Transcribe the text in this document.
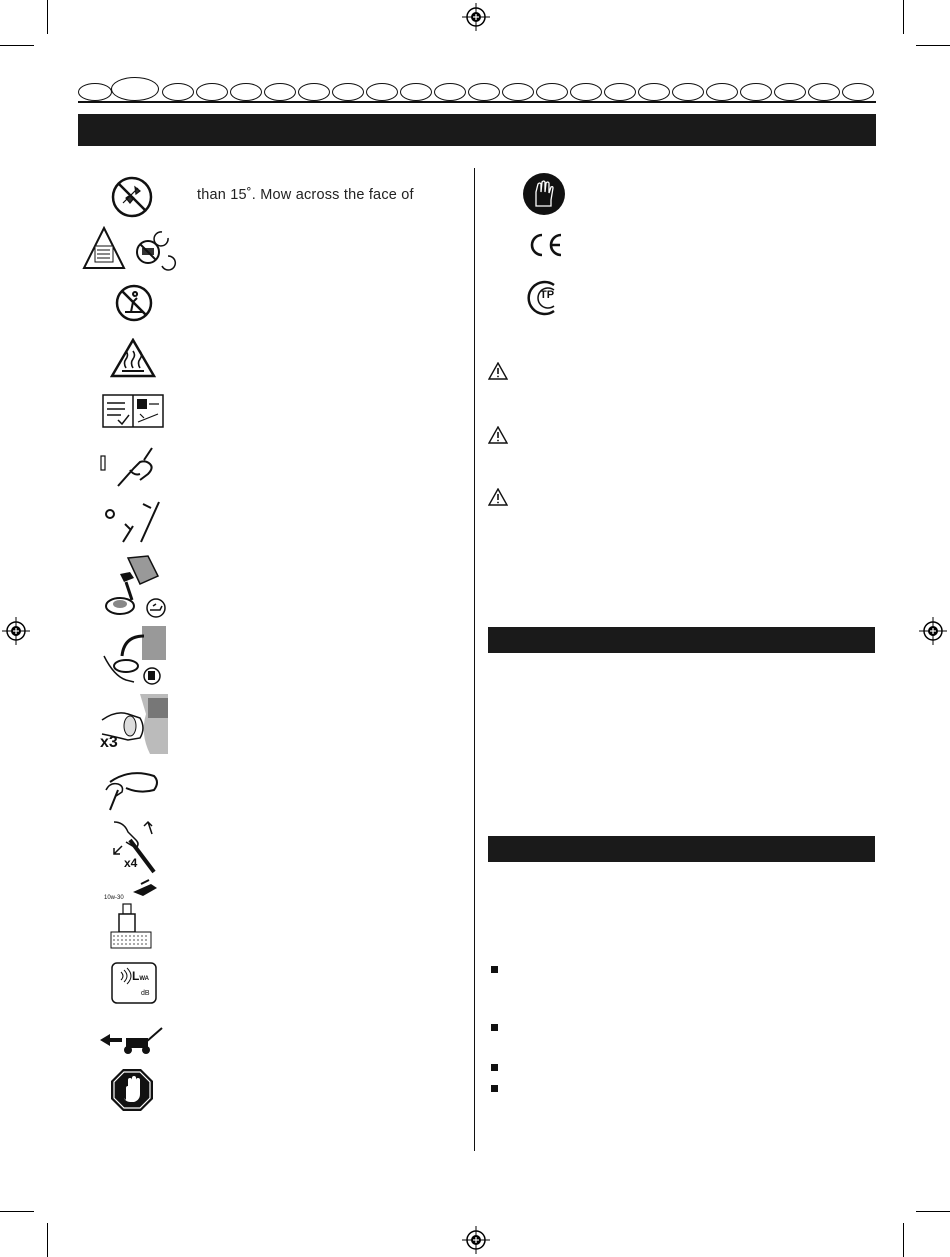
than 15˚. Mow across the face of
x3
x4
10w-30
LWA
dB
TP
